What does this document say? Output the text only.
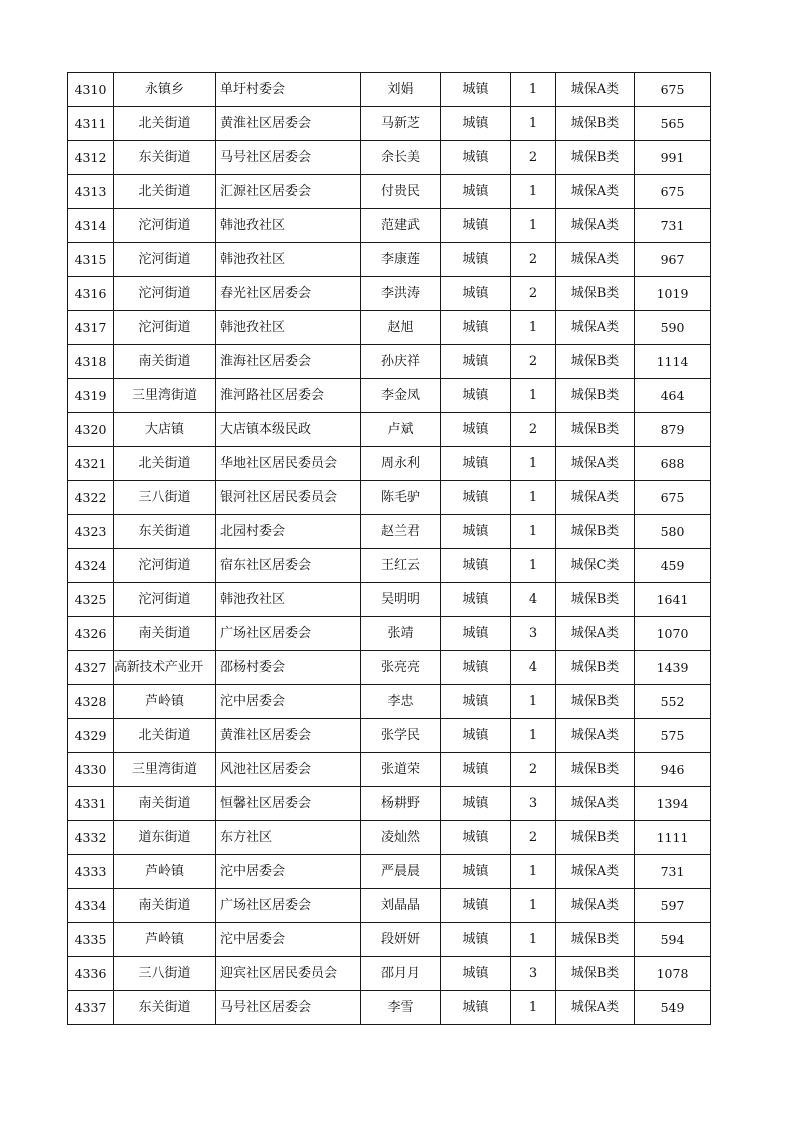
4310	永镇乡	单圩村委会	刘娟	城镇	1	城保A类	675
4311	北关街道	黄淮社区居委会	马新芝	城镇	1	城保B类	565
4312	东关街道	马号社区居委会	余长美	城镇	2	城保B类	991
4313	北关街道	汇源社区居委会	付贵民	城镇	1	城保A类	675
4314	沱河街道	韩池孜社区	范建武	城镇	1	城保A类	731
4315	沱河街道	韩池孜社区	李康莲	城镇	2	城保A类	967
4316	沱河街道	春光社区居委会	李洪涛	城镇	2	城保B类	1019
4317	沱河街道	韩池孜社区	赵旭	城镇	1	城保A类	590
4318	南关街道	淮海社区居委会	孙庆祥	城镇	2	城保B类	1114
4319	三里湾街道	淮河路社区居委会	李金凤	城镇	1	城保B类	464
4320	大店镇	大店镇本级民政	卢斌	城镇	2	城保B类	879
4321	北关街道	华地社区居民委员会	周永利	城镇	1	城保A类	688
4322	三八街道	银河社区居民委员会	陈毛驴	城镇	1	城保A类	675
4323	东关街道	北园村委会	赵兰君	城镇	1	城保B类	580
4324	沱河街道	宿东社区居委会	王红云	城镇	1	城保C类	459
4325	沱河街道	韩池孜社区	吴明明	城镇	4	城保B类	1641
4326	南关街道	广场社区居委会	张靖	城镇	3	城保A类	1070
4327	高新技术产业开	邵杨村委会	张亮亮	城镇	4	城保B类	1439
4328	芦岭镇	沱中居委会	李忠	城镇	1	城保B类	552
4329	北关街道	黄淮社区居委会	张学民	城镇	1	城保A类	575
4330	三里湾街道	风池社区居委会	张道荣	城镇	2	城保B类	946
4331	南关街道	恒馨社区居委会	杨耕野	城镇	3	城保A类	1394
4332	道东街道	东方社区	凌灿然	城镇	2	城保B类	1111
4333	芦岭镇	沱中居委会	严晨晨	城镇	1	城保A类	731
4334	南关街道	广场社区居委会	刘晶晶	城镇	1	城保A类	597
4335	芦岭镇	沱中居委会	段妍妍	城镇	1	城保B类	594
4336	三八街道	迎宾社区居民委员会	邵月月	城镇	3	城保B类	1078
4337	东关街道	马号社区居委会	李雪	城镇	1	城保A类	549
